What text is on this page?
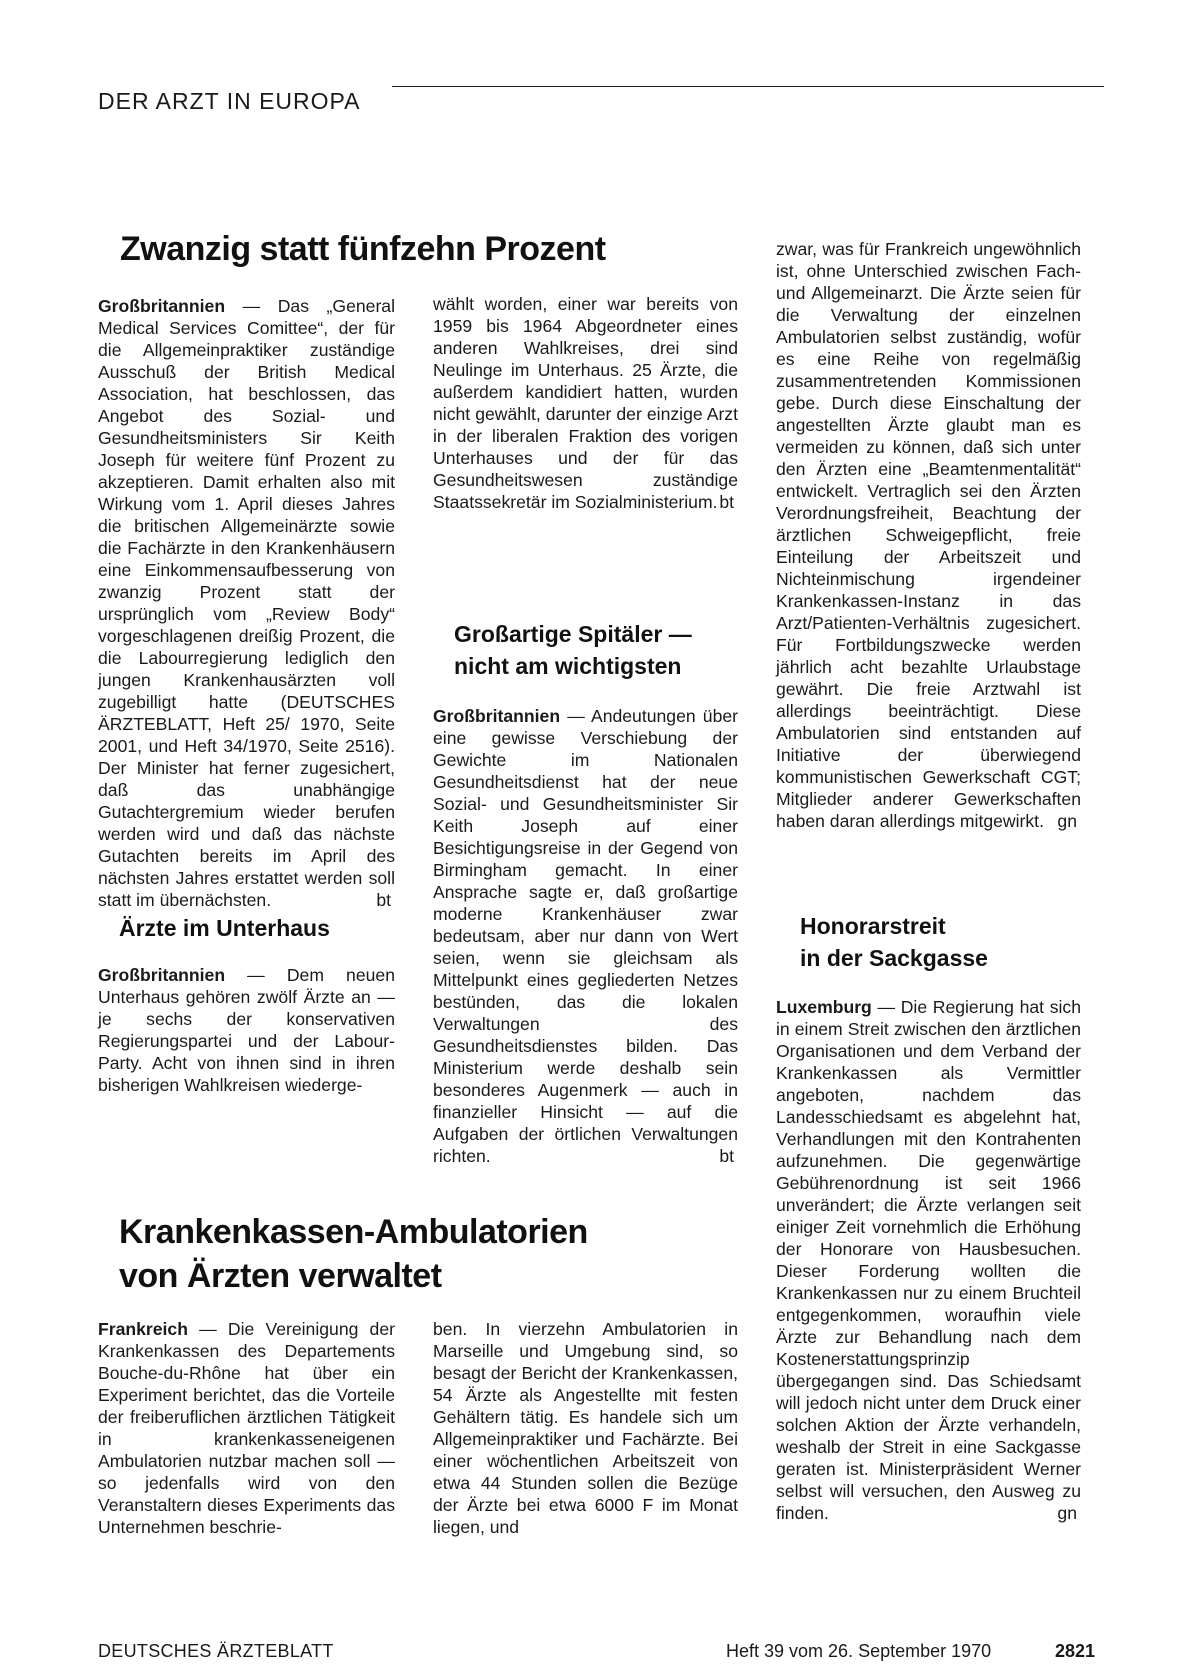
DER ARZT IN EUROPA
Zwanzig statt fünfzehn Prozent

Großbritannien — Das „General Medical Services Comittee“, der für die Allgemeinpraktiker zuständige Ausschuß der British Medical Association, hat beschlossen, das Angebot des Sozial- und Gesundheitsministers Sir Keith Joseph für weitere fünf Prozent zu akzeptieren. Damit erhalten also mit Wirkung vom 1. April dieses Jahres die britischen Allgemeinärzte sowie die Fachärzte in den Krankenhäusern eine Einkommensaufbesserung von zwanzig Prozent statt der ursprünglich vom „Review Body“ vorgeschlagenen dreißig Prozent, die die Labourregierung lediglich den jungen Krankenhausärzten voll zugebilligt hatte (DEUTSCHES ÄRZTEBLATT, Heft 25/ 1970, Seite 2001, und Heft 34/1970, Seite 2516). Der Minister hat ferner zugesichert, daß das unabhängige Gutachtergremium wieder berufen werden wird und daß das nächste Gutachten bereits im April des nächsten Jahres erstattet werden soll statt im übernächsten.	bt

Ärzte im Unterhaus

Großbritannien — Dem neuen Unterhaus gehören zwölf Ärzte an — je sechs der konservativen Regierungspartei und der Labour-Party. Acht von ihnen sind in ihren bisherigen Wahlkreisen wiederge-

wählt worden, einer war bereits von 1959 bis 1964 Abgeordneter eines anderen Wahlkreises, drei sind Neulinge im Unterhaus. 25 Ärzte, die außerdem kandidiert hatten, wurden nicht gewählt, darunter der einzige Arzt in der liberalen Fraktion des vorigen Unterhauses und der für das Gesundheitswesen zuständige Staatssekretär im Sozialministerium. bt

Großartige Spitäler —
nicht am wichtigsten

Großbritannien — Andeutungen über eine gewisse Verschiebung der Gewichte im Nationalen Gesundheitsdienst hat der neue Sozial- und Gesundheitsminister Sir Keith Joseph auf einer Besichtigungsreise in der Gegend von Birmingham gemacht. In einer Ansprache sagte er, daß großartige moderne Krankenhäuser zwar bedeutsam, aber nur dann von Wert seien, wenn sie gleichsam als Mittelpunkt eines gegliederten Netzes bestünden, das die lokalen Verwaltungen des Gesundheitsdienstes bilden. Das Ministerium werde deshalb sein besonderes Augenmerk — auch in finanzieller Hinsicht — auf die Aufgaben der örtlichen Verwaltungen richten.	bt

Krankenkassen-Ambulatorien
von Ärzten verwaltet

Frankreich — Die Vereinigung der Krankenkassen des Departements Bouche-du-Rhône hat über ein Experiment berichtet, das die Vorteile der freiberuflichen ärztlichen Tätigkeit in krankenkasseneigenen Ambulatorien nutzbar machen soll — so jedenfalls wird von den Veranstaltern dieses Experiments das Unternehmen beschrie-

ben. In vierzehn Ambulatorien in Marseille und Umgebung sind, so besagt der Bericht der Krankenkassen, 54 Ärzte als Angestellte mit festen Gehältern tätig. Es handele sich um Allgemeinpraktiker und Fachärzte. Bei einer wöchentlichen Arbeitszeit von etwa 44 Stunden sollen die Bezüge der Ärzte bei etwa 6000 F im Monat liegen, und

zwar, was für Frankreich ungewöhnlich ist, ohne Unterschied zwischen Fach- und Allgemeinarzt. Die Ärzte seien für die Verwaltung der einzelnen Ambulatorien selbst zuständig, wofür es eine Reihe von regelmäßig zusammentretenden Kommissionen gebe. Durch diese Einschaltung der angestellten Ärzte glaubt man es vermeiden zu können, daß sich unter den Ärzten eine „Beamtenmentalität“ entwickelt. Vertraglich sei den Ärzten Verordnungsfreiheit, Beachtung der ärztlichen Schweigepflicht, freie Einteilung der Arbeitszeit und Nichteinmischung irgendeiner Krankenkassen-Instanz in das Arzt/Patienten-Verhältnis zugesichert. Für Fortbildungszwecke werden jährlich acht bezahlte Urlaubstage gewährt. Die freie Arztwahl ist allerdings beeinträchtigt. Diese Ambulatorien sind entstanden auf Initiative der überwiegend kommunistischen Gewerkschaft CGT; Mitglieder anderer Gewerkschaften haben daran allerdings mitgewirkt. gn

Honorarstreit
in der Sackgasse

Luxemburg — Die Regierung hat sich in einem Streit zwischen den ärztlichen Organisationen und dem Verband der Krankenkassen als Vermittler angeboten, nachdem das Landesschiedsamt es abgelehnt hat, Verhandlungen mit den Kontrahenten aufzunehmen. Die gegenwärtige Gebührenordnung ist seit 1966 unverändert; die Ärzte verlangen seit einiger Zeit vornehmlich die Erhöhung der Honorare von Hausbesuchen. Dieser Forderung wollten die Krankenkassen nur zu einem Bruchteil entgegenkommen, woraufhin viele Ärzte zur Behandlung nach dem Kostenerstattungsprinzip übergegangen sind. Das Schiedsamt will jedoch nicht unter dem Druck einer solchen Aktion der Ärzte verhandeln, weshalb der Streit in eine Sackgasse geraten ist. Ministerpräsident Werner selbst will versuchen, den Ausweg zu finden.	gn

DEUTSCHES ÄRZTEBLATT	Heft 39 vom 26. September 1970	2821
